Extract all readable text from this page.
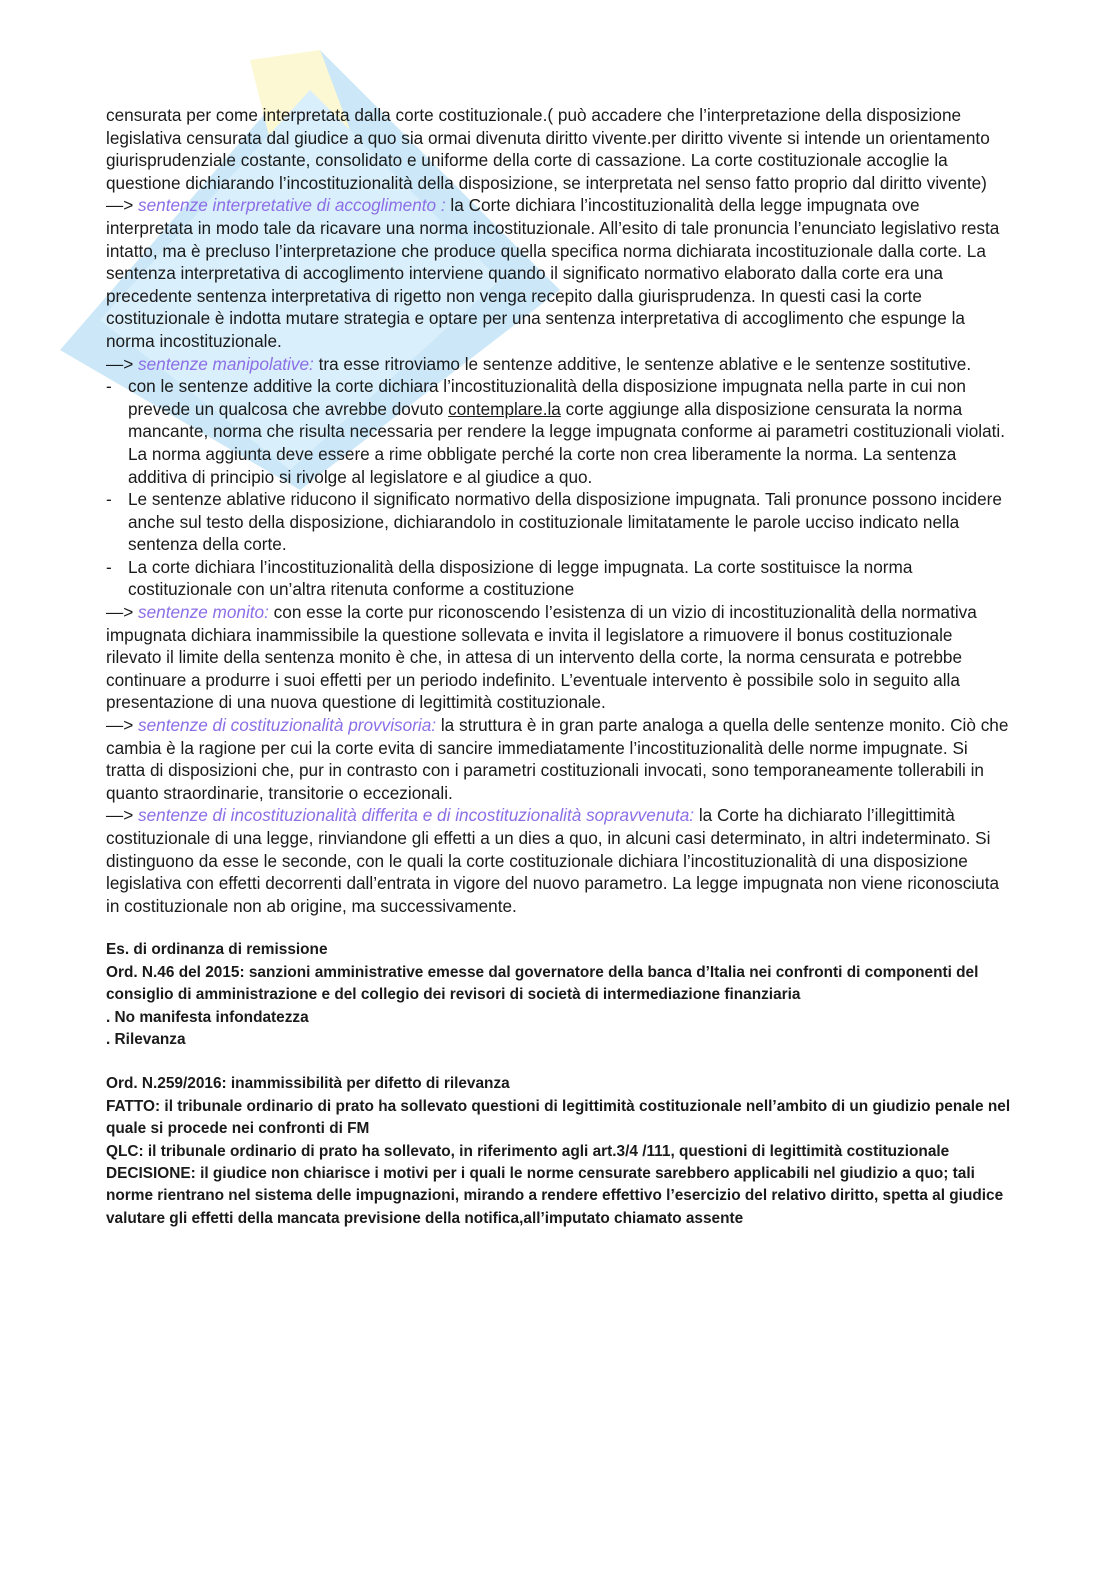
censurata per come interpretata dalla corte costituzionale.( può accadere che l’interpretazione della disposizione legislativa censurata dal giudice a quo sia ormai divenuta diritto vivente.per diritto vivente si intende un orientamento giurisprudenziale costante, consolidato e uniforme della corte di cassazione. La corte costituzionale accoglie la questione dichiarando l’incostituzionalità della disposizione, se interpretata nel senso fatto proprio dal diritto vivente)

—> sentenze interpretative di accoglimento : la Corte dichiara l’incostituzionalità della legge impugnata ove interpretata in modo tale da ricavare una norma incostituzionale. All’esito di tale pronuncia l’enunciato legislativo resta intatto, ma è precluso l’interpretazione che produce quella specifica norma dichiarata incostituzionale dalla corte. La sentenza interpretativa di accoglimento interviene quando il significato normativo elaborato dalla corte era una precedente sentenza interpretativa di rigetto non venga recepito dalla giurisprudenza. In questi casi la corte costituzionale è indotta mutare strategia e optare per una sentenza interpretativa di accoglimento che espunge la norma incostituzionale.

—> sentenze manipolative: tra esse ritroviamo le sentenze additive, le sentenze ablative e le sentenze sostitutive.

- con le sentenze additive la corte dichiara l’incostituzionalità della disposizione impugnata nella parte in cui non prevede un qualcosa che avrebbe dovuto contemplare.la corte aggiunge alla disposizione censurata la norma mancante, norma che risulta necessaria per rendere la legge impugnata conforme ai parametri costituzionali violati. La norma aggiunta deve essere a rime obbligate perché la corte non crea liberamente la norma. La sentenza additiva di principio si rivolge al legislatore e al giudice a quo.
- Le sentenze ablative riducono il significato normativo della disposizione impugnata. Tali pronunce possono incidere anche sul testo della disposizione, dichiarandolo in costituzionale limitatamente le parole ucciso indicato nella sentenza della corte.
- La corte dichiara l’incostituzionalità della disposizione di legge impugnata. La corte sostituisce la norma costituzionale con un’altra ritenuta conforme a costituzione

—> sentenze monito: con esse la corte pur riconoscendo l’esistenza di un vizio di incostituzionalità della normativa impugnata dichiara inammissibile la questione sollevata e invita il legislatore a rimuovere il bonus costituzionale rilevato il limite della sentenza monito è che, in attesa di un intervento della corte, la norma censurata e potrebbe continuare a produrre i suoi effetti per un periodo indefinito. L’eventuale intervento è possibile solo in seguito alla presentazione di una nuova questione di legittimità costituzionale.

—> sentenze di costituzionalità provvisoria: la struttura è in gran parte analoga a quella delle sentenze monito. Ciò che cambia è la ragione per cui la corte evita di sancire immediatamente l’incostituzionalità delle norme impugnate. Si tratta di disposizioni che, pur in contrasto con i parametri costituzionali invocati, sono temporaneamente tollerabili in quanto straordinarie, transitorie o eccezionali.

—> sentenze di incostituzionalità differita e di incostituzionalità sopravvenuta: la Corte ha dichiarato l’illegittimità costituzionale di una legge, rinviandone gli effetti a un dies a quo, in alcuni casi determinato, in altri indeterminato. Si distinguono da esse le seconde, con le quali la corte costituzionale dichiara l’incostituzionalità di una disposizione legislativa con effetti decorrenti dall’entrata in vigore del nuovo parametro. La legge impugnata non viene riconosciuta in costituzionale non ab origine, ma successivamente.

Es. di ordinanza di remissione

Ord. N.46 del 2015: sanzioni amministrative emesse dal governatore della banca d’Italia nei confronti di componenti del consiglio di amministrazione e del collegio dei revisori di società di intermediazione finanziaria

. No manifesta infondatezza

. Rilevanza

Ord. N.259/2016: inammissibilità per difetto di rilevanza

FATTO: il tribunale ordinario di prato ha sollevato questioni di legittimità costituzionale nell’ambito di un giudizio penale nel quale si procede nei confronti di FM

QLC: il tribunale ordinario di prato ha sollevato, in riferimento agli art.3/4 /111, questioni di legittimità costituzionale

DECISIONE: il giudice non chiarisce i motivi per i quali le norme censurate sarebbero applicabili nel giudizio a quo; tali norme rientrano nel sistema delle impugnazioni, mirando a rendere effettivo l’esercizio del relativo diritto, spetta al giudice valutare gli effetti della mancata previsione della notifica,all’imputato chiamato assente
